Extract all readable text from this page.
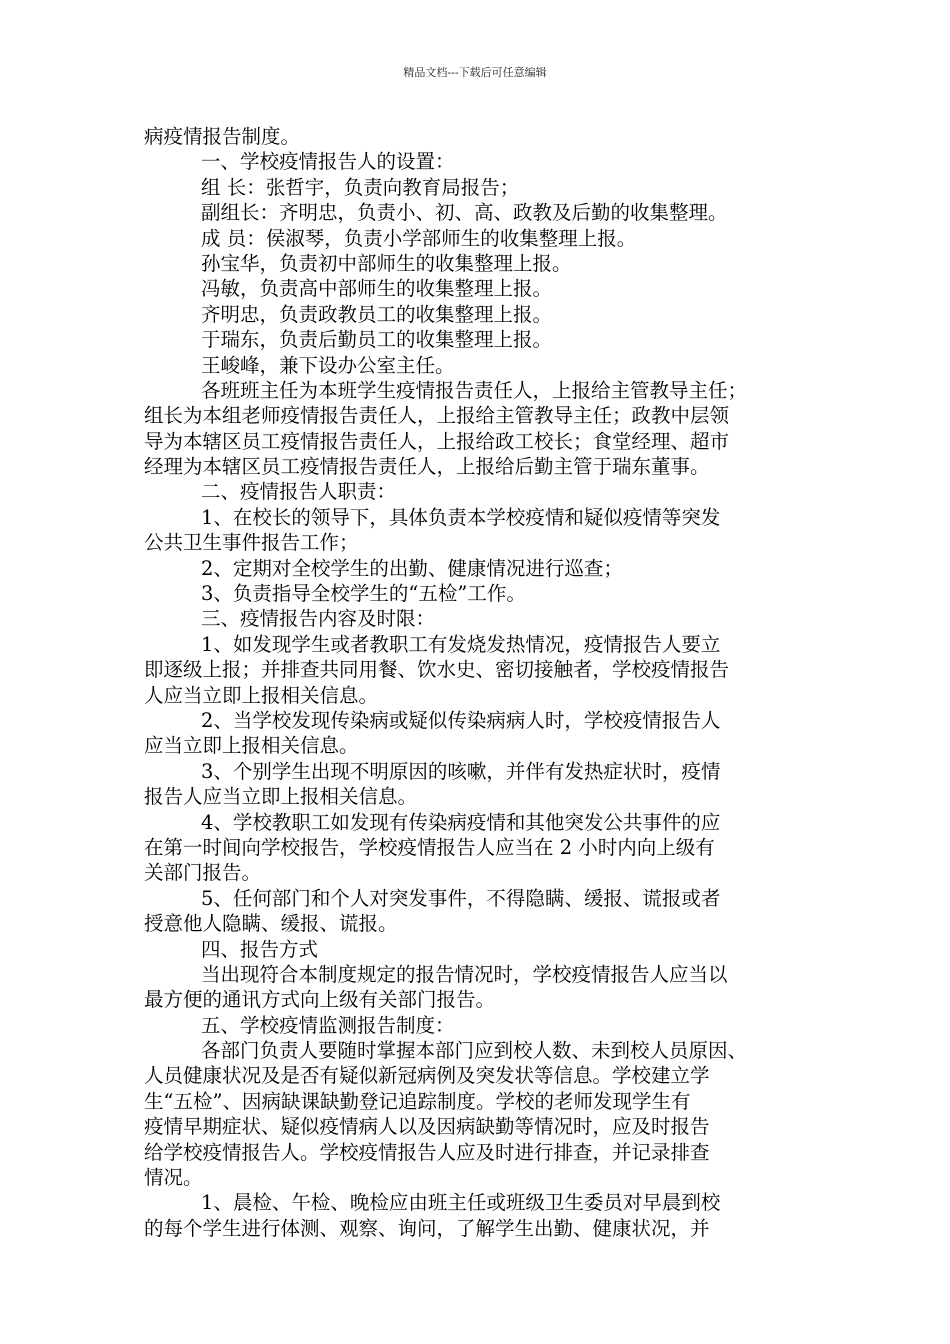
精品文档---下载后可任意编辑
病疫情报告制度。
一、学校疫情报告人的设置：
组 长：张哲宇，负责向教育局报告；
副组长：齐明忠，负责小、初、高、政教及后勤的收集整理。
成 员：侯淑琴，负责小学部师生的收集整理上报。
孙宝华，负责初中部师生的收集整理上报。
冯敏，负责高中部师生的收集整理上报。
齐明忠，负责政教员工的收集整理上报。
于瑞东，负责后勤员工的收集整理上报。
王峻峰，兼下设办公室主任。
各班班主任为本班学生疫情报告责任人，上报给主管教导主任；
组长为本组老师疫情报告责任人，上报给主管教导主任；政教中层领
导为本辖区员工疫情报告责任人，上报给政工校长；食堂经理、超市
经理为本辖区员工疫情报告责任人，上报给后勤主管于瑞东董事。
二、疫情报告人职责：
1、在校长的领导下，具体负责本学校疫情和疑似疫情等突发
公共卫生事件报告工作；
2、定期对全校学生的出勤、健康情况进行巡查；
3、负责指导全校学生的“五检”工作。
三、疫情报告内容及时限：
1、如发现学生或者教职工有发烧发热情况，疫情报告人要立
即逐级上报；并排查共同用餐、饮水史、密切接触者，学校疫情报告
人应当立即上报相关信息。
2、当学校发现传染病或疑似传染病病人时，学校疫情报告人
应当立即上报相关信息。
3、个别学生出现不明原因的咳嗽，并伴有发热症状时，疫情
报告人应当立即上报相关信息。
4、学校教职工如发现有传染病疫情和其他突发公共事件的应
在第一时间向学校报告，学校疫情报告人应当在 2 小时内向上级有
关部门报告。
5、任何部门和个人对突发事件，不得隐瞒、缓报、谎报或者
授意他人隐瞒、缓报、谎报。
四、报告方式
当出现符合本制度规定的报告情况时，学校疫情报告人应当以
最方便的通讯方式向上级有关部门报告。
五、学校疫情监测报告制度：
各部门负责人要随时掌握本部门应到校人数、未到校人员原因、
人员健康状况及是否有疑似新冠病例及突发状等信息。学校建立学
生“五检”、因病缺课缺勤登记追踪制度。学校的老师发现学生有
疫情早期症状、疑似疫情病人以及因病缺勤等情况时，应及时报告
给学校疫情报告人。学校疫情报告人应及时进行排查，并记录排查
情况。
1、晨检、午检、晚检应由班主任或班级卫生委员对早晨到校
的每个学生进行体测、观察、询问，了解学生出勤、健康状况，并
